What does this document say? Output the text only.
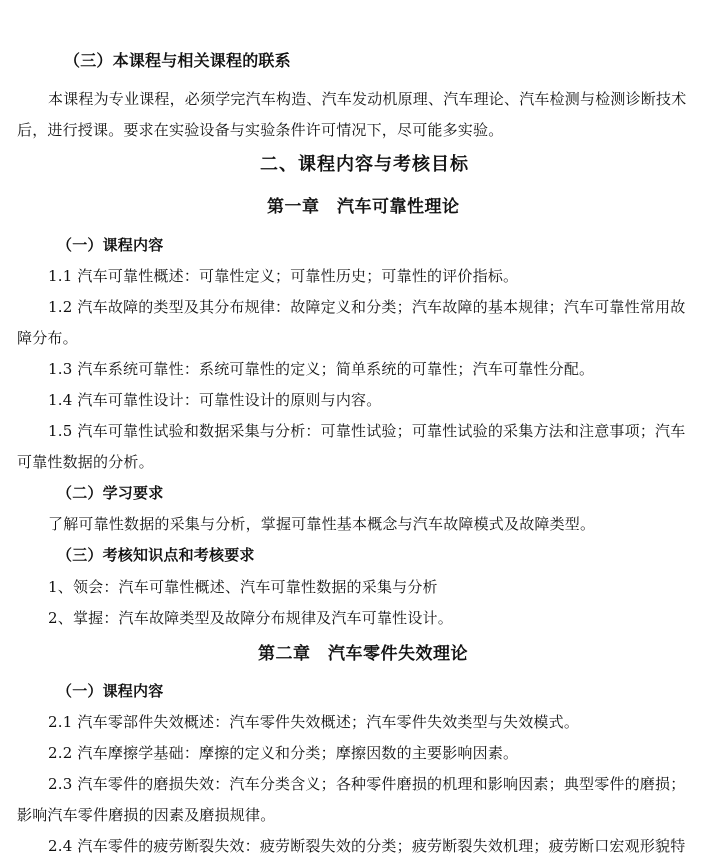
（三）本课程与相关课程的联系
本课程为专业课程，必须学完汽车构造、汽车发动机原理、汽车理论、汽车检测与检测诊断技术
后，进行授课。要求在实验设备与实验条件许可情况下，尽可能多实验。
二、课程内容与考核目标
第一章　汽车可靠性理论
（一）课程内容
1.1 汽车可靠性概述：可靠性定义；可靠性历史；可靠性的评价指标。
1.2 汽车故障的类型及其分布规律：故障定义和分类；汽车故障的基本规律；汽车可靠性常用故
障分布。
1.3 汽车系统可靠性：系统可靠性的定义；简单系统的可靠性；汽车可靠性分配。
1.4 汽车可靠性设计：可靠性设计的原则与内容。
1.5 汽车可靠性试验和数据采集与分析：可靠性试验；可靠性试验的采集方法和注意事项；汽车
可靠性数据的分析。
（二）学习要求
了解可靠性数据的采集与分析，掌握可靠性基本概念与汽车故障模式及故障类型。
（三）考核知识点和考核要求
1、领会：汽车可靠性概述、汽车可靠性数据的采集与分析
2、掌握：汽车故障类型及故障分布规律及汽车可靠性设计。
第二章　汽车零件失效理论
（一）课程内容
2.1 汽车零部件失效概述：汽车零件失效概述；汽车零件失效类型与失效模式。
2.2 汽车摩擦学基础：摩擦的定义和分类；摩擦因数的主要影响因素。
2.3 汽车零件的磨损失效：汽车分类含义；各种零件磨损的机理和影响因素；典型零件的磨损；
影响汽车零件磨损的因素及磨损规律。
2.4 汽车零件的疲劳断裂失效：疲劳断裂失效的分类；疲劳断裂失效机理；疲劳断口宏观形貌特
